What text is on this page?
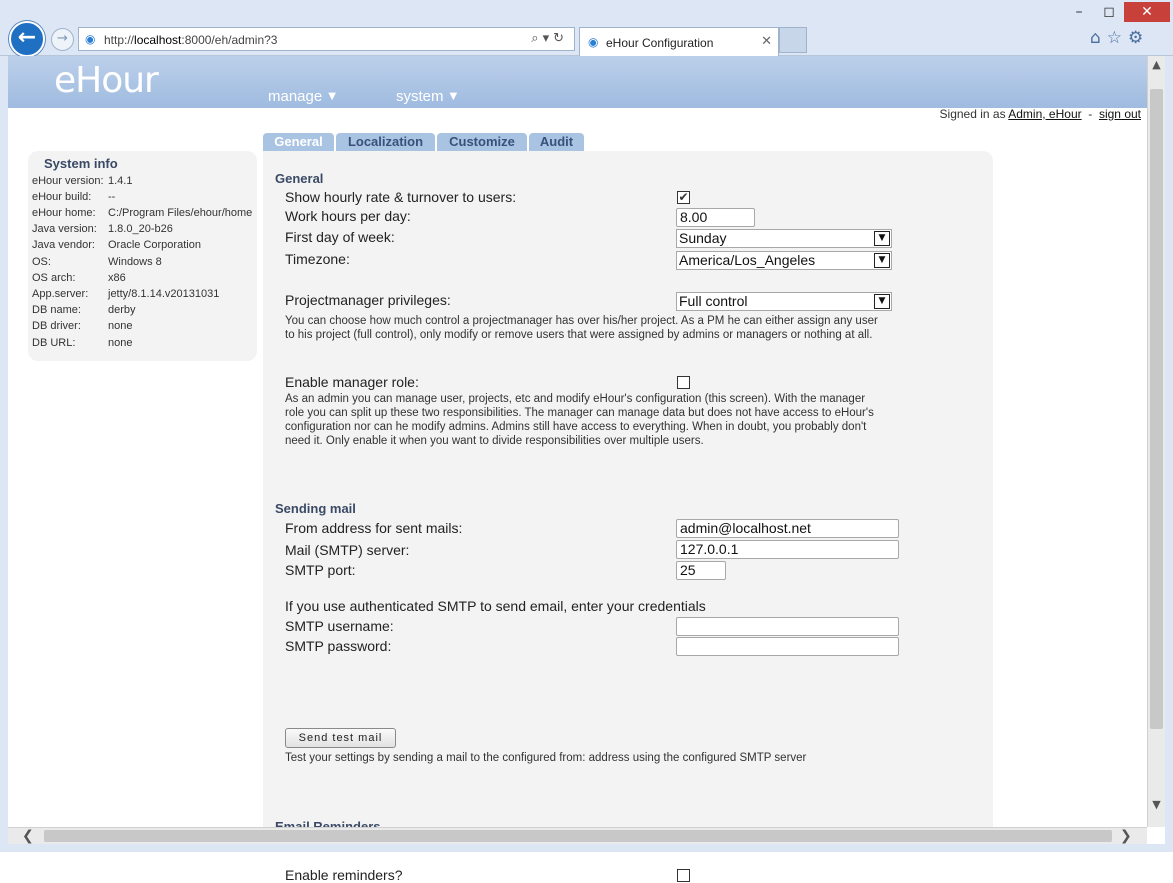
–	◻	✕
←	→	◉ http://localhost:8000/eh/admin?3	⌕▾↻ ◉ eHour Configuration	✕	⌂☆⚙
eHour	manage ▼	system ▼
Signed in as Admin, eHour - sign out
System info
eHour version: 1.4.1
eHour build:	--
eHour home:	C:/Program Files/ehour/home
Java version:	1.8.0_20-b26
Java vendor:	Oracle Corporation
OS:	Windows 8
OS arch:	x86
App.server:	jetty/8.1.14.v20131031
DB name:	derby
DB driver:	none
DB URL:	none
General	Localization	Customize	Audit
General
Show hourly rate & turnover to users:	✔
Work hours per day:	8.00
First day of week:	Sunday	▼
Timezone:	America/Los_Angeles	▼
Projectmanager privileges:	Full control	▼
You can choose how much control a projectmanager has over his/her project. As a PM he can either assign any user to his project (full control), only modify or remove users that were assigned by admins or managers or nothing at all.
Enable manager role:
As an admin you can manage user, projects, etc and modify eHour's configuration (this screen). With the manager role you can split up these two responsibilities. The manager can manage data but does not have access to eHour's configuration nor can he modify admins. Admins still have access to everything. When in doubt, you probably don't need it. Only enable it when you want to divide responsibilities over multiple users.
Sending mail
From address for sent mails:	admin@localhost.net
Mail (SMTP) server:	127.0.0.1
SMTP port:	25
If you use authenticated SMTP to send email, enter your credentials
SMTP username:
SMTP password:
Send test mail
Test your settings by sending a mail to the configured from: address using the configured SMTP server
Enable reminders?
▲
▼
❮	❯
